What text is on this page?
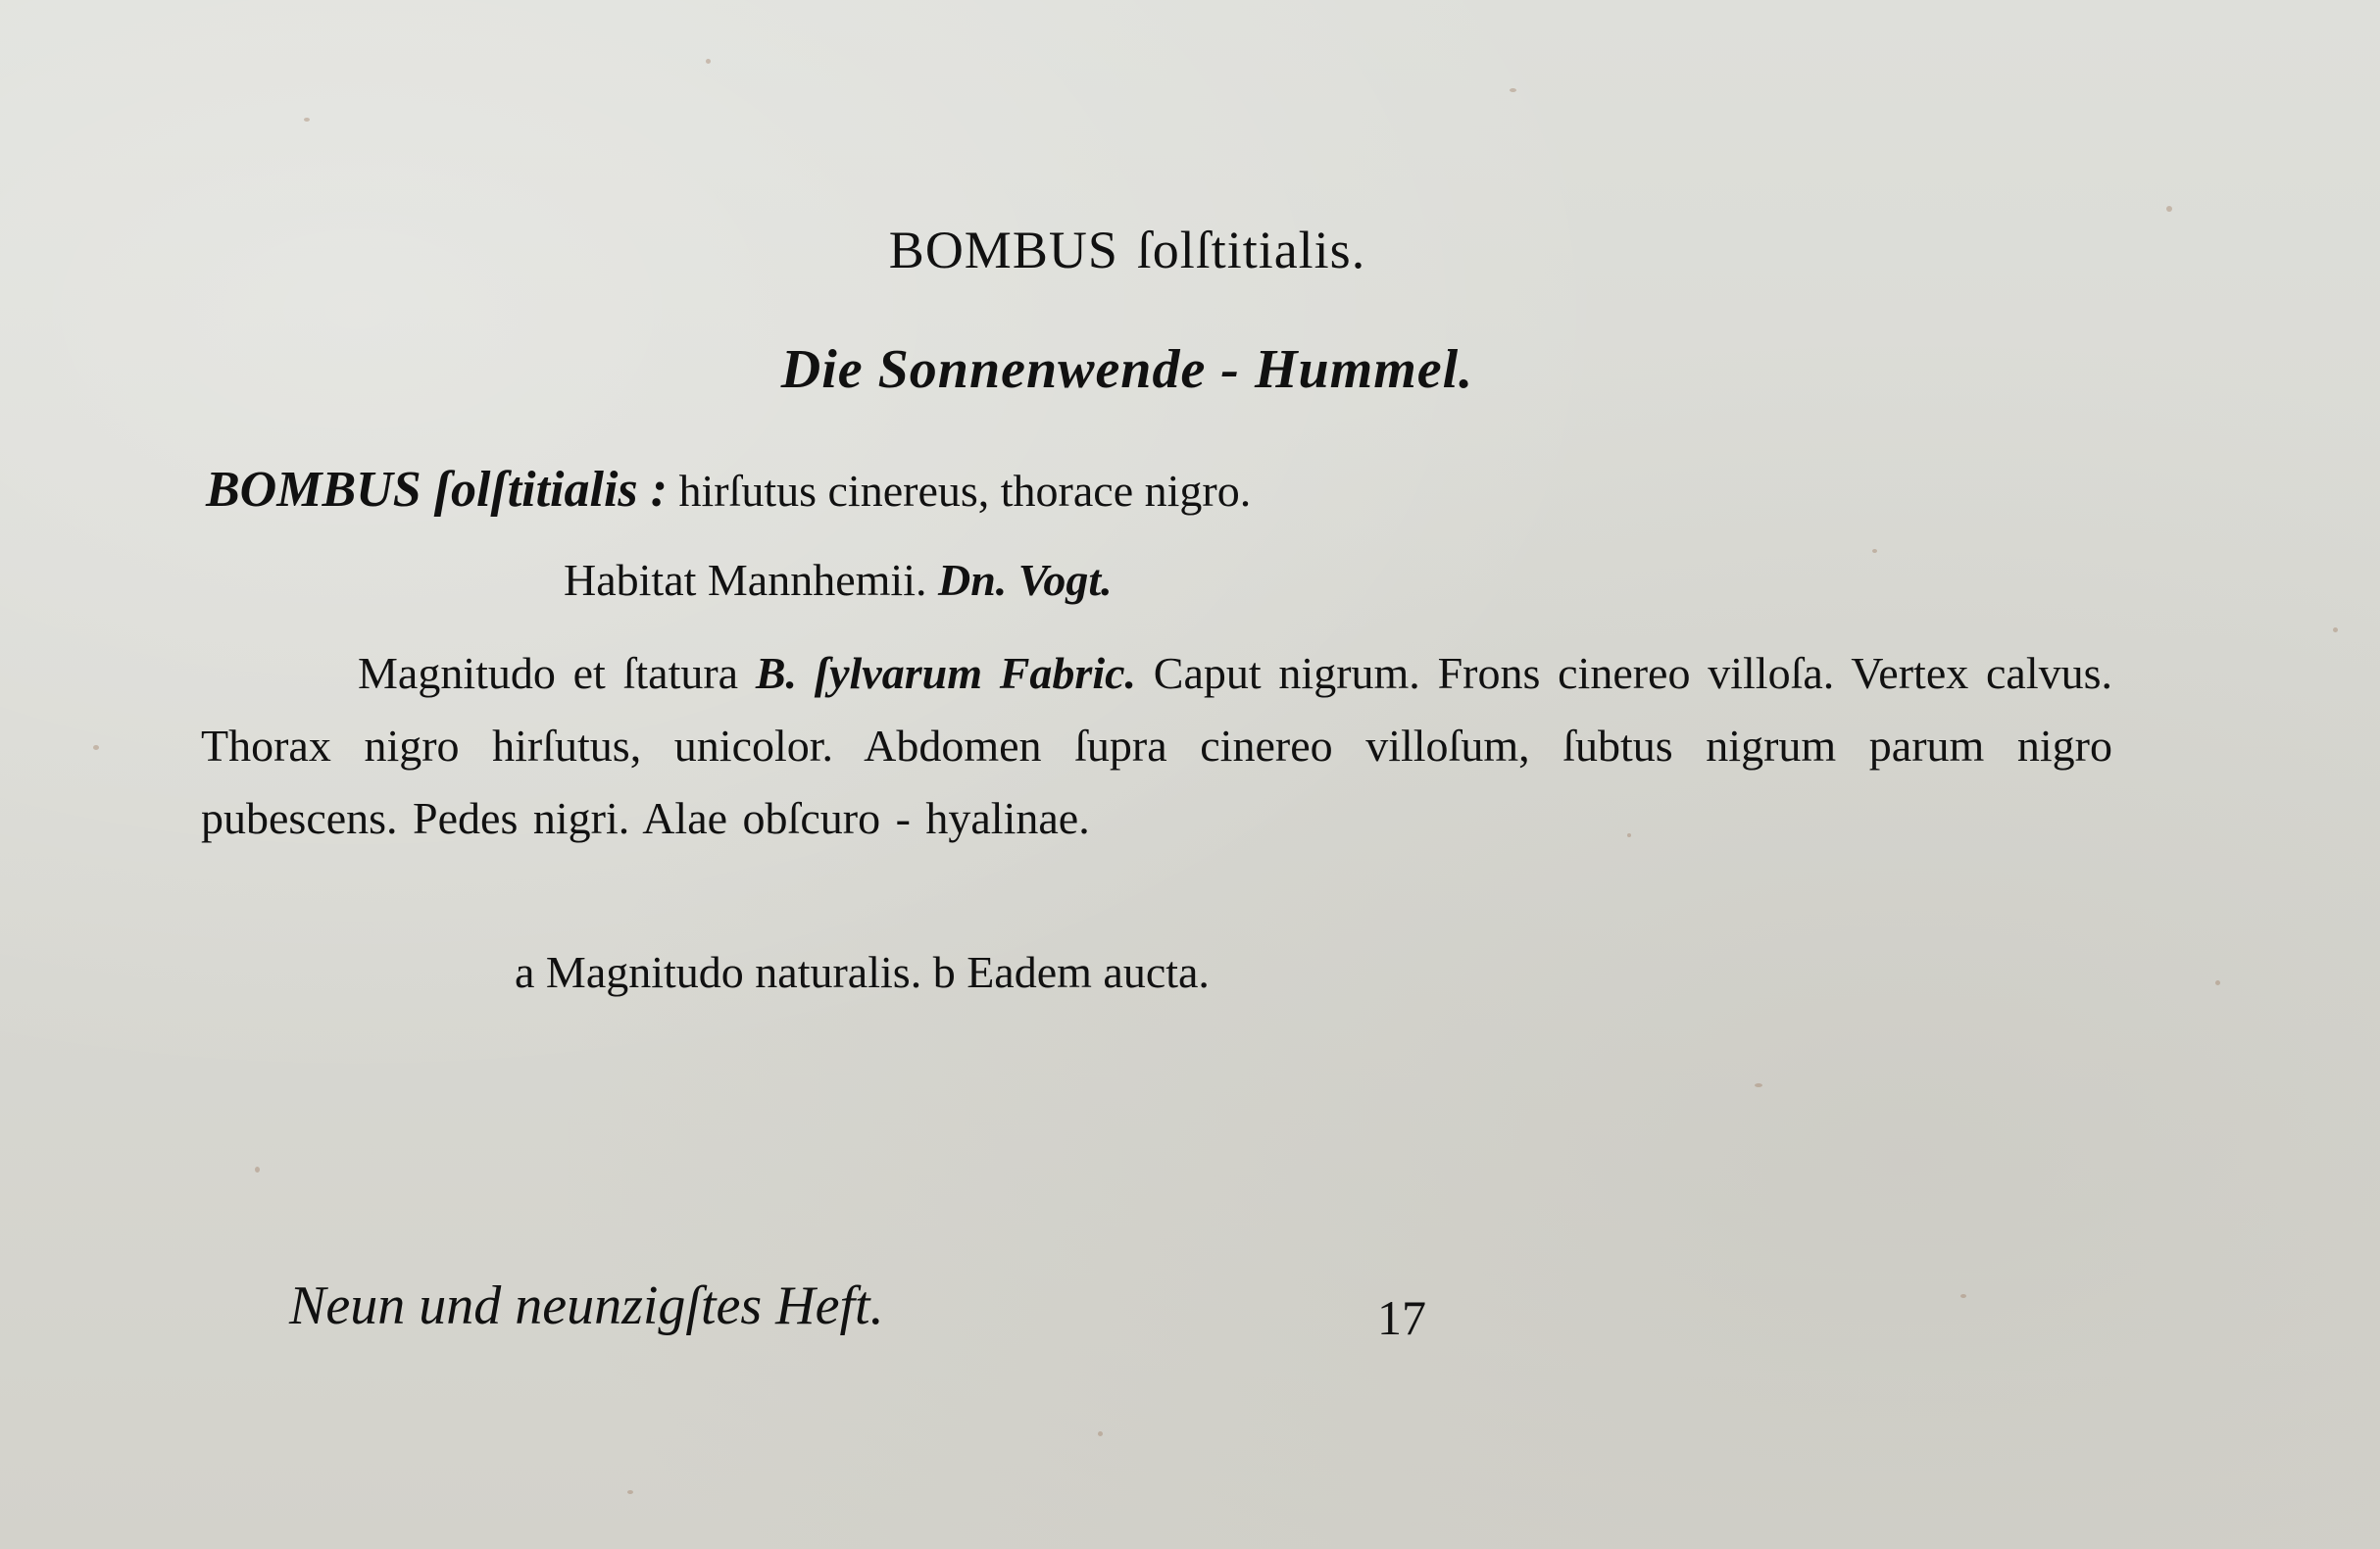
BOMBUS ſolſtitialis.
Die Sonnenwende - Hummel.
BOMBUS ſolſtitialis : hirſutus cinereus, thorace nigro.
Habitat Mannhemii. Dn. Vogt.
Magnitudo et ſtatura B. ſylvarum Fabric. Caput nigrum. Frons cinereo villoſa. Vertex calvus. Thorax nigro hirſutus, unicolor. Abdomen ſupra cinereo villoſum, ſubtus nigrum parum nigro pubescens. Pedes nigri. Alae obſcuro - hyalinae.
a Magnitudo naturalis. b Eadem aucta.
Neun und neunzigſtes Heft.	17
